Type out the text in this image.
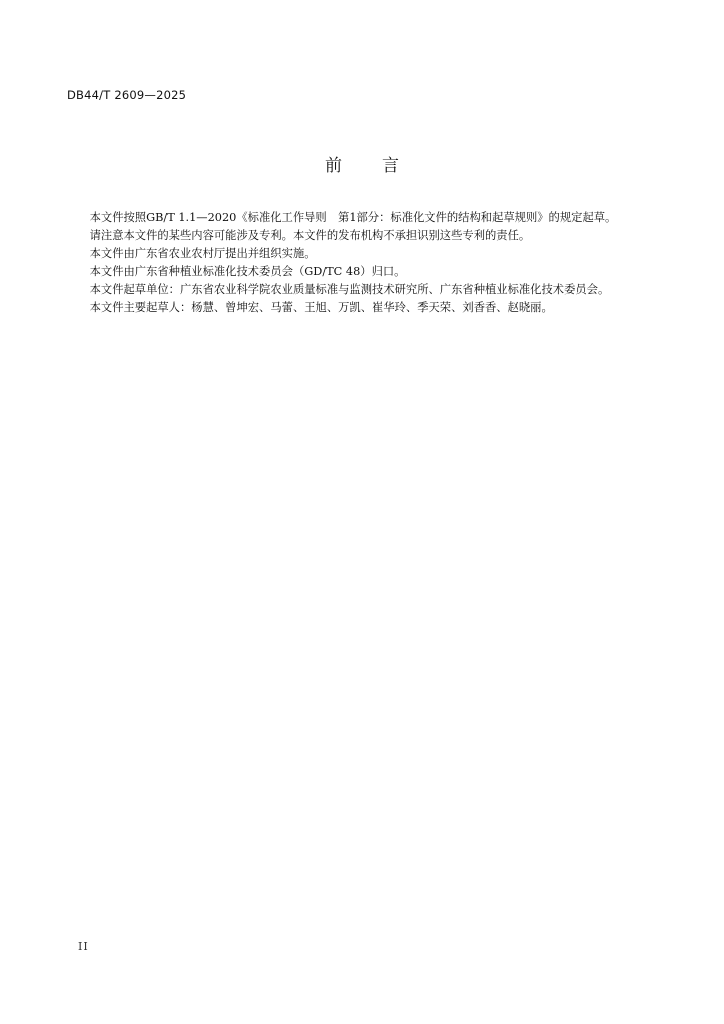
DB44/T 2609—2025
前 言

本文件按照GB/T 1.1—2020《标准化工作导则　第1部分：标准化文件的结构和起草规则》的规定起草。

请注意本文件的某些内容可能涉及专利。本文件的发布机构不承担识别这些专利的责任。

本文件由广东省农业农村厅提出并组织实施。

本文件由广东省种植业标准化技术委员会（GD/TC 48）归口。

本文件起草单位：广东省农业科学院农业质量标准与监测技术研究所、广东省种植业标准化技术委员会。

本文件主要起草人：杨慧、曾坤宏、马蕾、王旭、万凯、崔华玲、季天荣、刘香香、赵晓丽。

II
